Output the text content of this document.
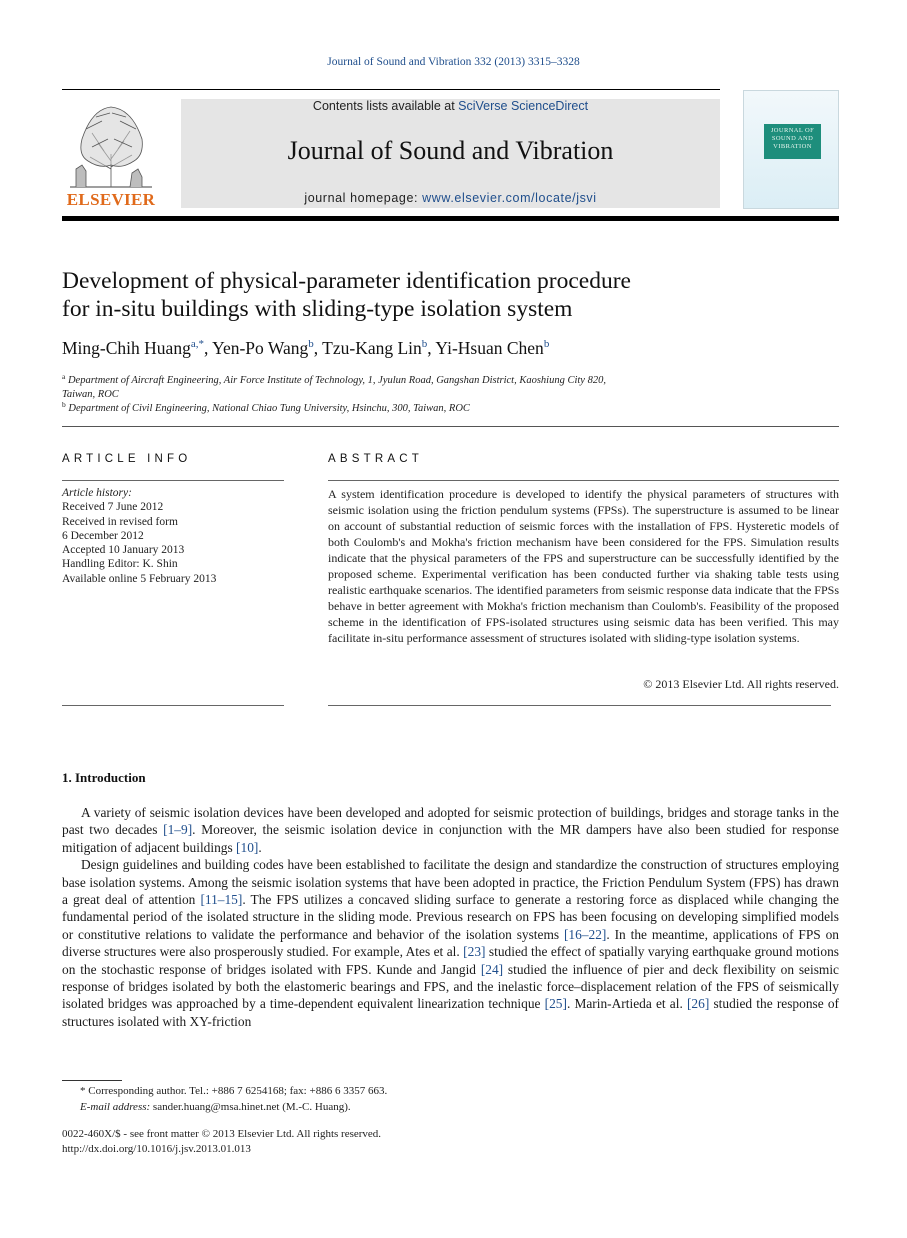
Journal of Sound and Vibration 332 (2013) 3315–3328
ELSEVIER
Contents lists available at SciVerse ScienceDirect
Journal of Sound and Vibration
journal homepage: www.elsevier.com/locate/jsvi
JOURNAL OF SOUND AND VIBRATION
Development of physical-parameter identification procedure
for in-situ buildings with sliding-type isolation system
Ming-Chih Huang$^{a,*}$, Yen-Po Wang$^b$, Tzu-Kang Lin$^b$, Yi-Hsuan Chen$^b$
$^a$ Department of Aircraft Engineering, Air Force Institute of Technology, 1, Jyulun Road, Gangshan District, Kaoshiung City 820,
Taiwan, ROC
$^b$ Department of Civil Engineering, National Chiao Tung University, Hsinchu, 300, Taiwan, ROC
ARTICLE INFO
Article history:
Received 7 June 2012
Received in revised form
6 December 2012
Accepted 10 January 2013
Handling Editor: K. Shin
Available online 5 February 2013
ABSTRACT
A system identification procedure is developed to identify the physical parameters of structures with seismic isolation using the friction pendulum systems (FPSs). The superstructure is assumed to be linear on account of substantial reduction of seismic forces with the installation of FPS. Hysteretic models of both Coulomb's and Mokha's friction mechanism have been considered for the FPS. Simulation results indicate that the physical parameters of the FPS and superstructure can be successfully identified by the proposed scheme. Experimental verification has been conducted further via shaking table tests using realistic earthquake scenarios. The identified parameters from seismic response data indicate that the FPSs behave in better agreement with Mokha's friction mechanism than Coulomb's. Feasibility of the proposed scheme in the identification of FPS-isolated structures using seismic data has been verified. This may facilitate in-situ performance assessment of structures isolated with sliding-type isolation systems.
© 2013 Elsevier Ltd. All rights reserved.
1. Introduction

A variety of seismic isolation devices have been developed and adopted for seismic protection of buildings, bridges and storage tanks in the past two decades [1–9]. Moreover, the seismic isolation device in conjunction with the MR dampers have also been studied for response mitigation of adjacent buildings [10].

Design guidelines and building codes have been established to facilitate the design and standardize the construction of structures employing base isolation systems. Among the seismic isolation systems that have been adopted in practice, the Friction Pendulum System (FPS) has drawn a great deal of attention [11–15]. The FPS utilizes a concaved sliding surface to generate a restoring force as displaced while changing the fundamental period of the isolated structure in the sliding mode. Previous research on FPS has been focusing on developing simplified models or constitutive relations to validate the performance and behavior of the isolation systems [16–22]. In the meantime, applications of FPS on diverse structures were also prosperously studied. For example, Ates et al. [23] studied the effect of spatially varying earthquake ground motions on the stochastic response of bridges isolated with FPS. Kunde and Jangid [24] studied the influence of pier and deck flexibility on seismic response of bridges isolated by both the elastomeric bearings and FPS, and the inelastic force–displacement relation of the FPS of seismically isolated bridges was approached by a time-dependent equivalent linearization technique [25]. Marin-Artieda et al. [26] studied the response of structures isolated with XY-friction

* Corresponding author. Tel.: +886 7 6254168; fax: +886 6 3357 663.
E-mail address: sander.huang@msa.hinet.net (M.-C. Huang).
0022-460X/$ - see front matter © 2013 Elsevier Ltd. All rights reserved.
http://dx.doi.org/10.1016/j.jsv.2013.01.013
